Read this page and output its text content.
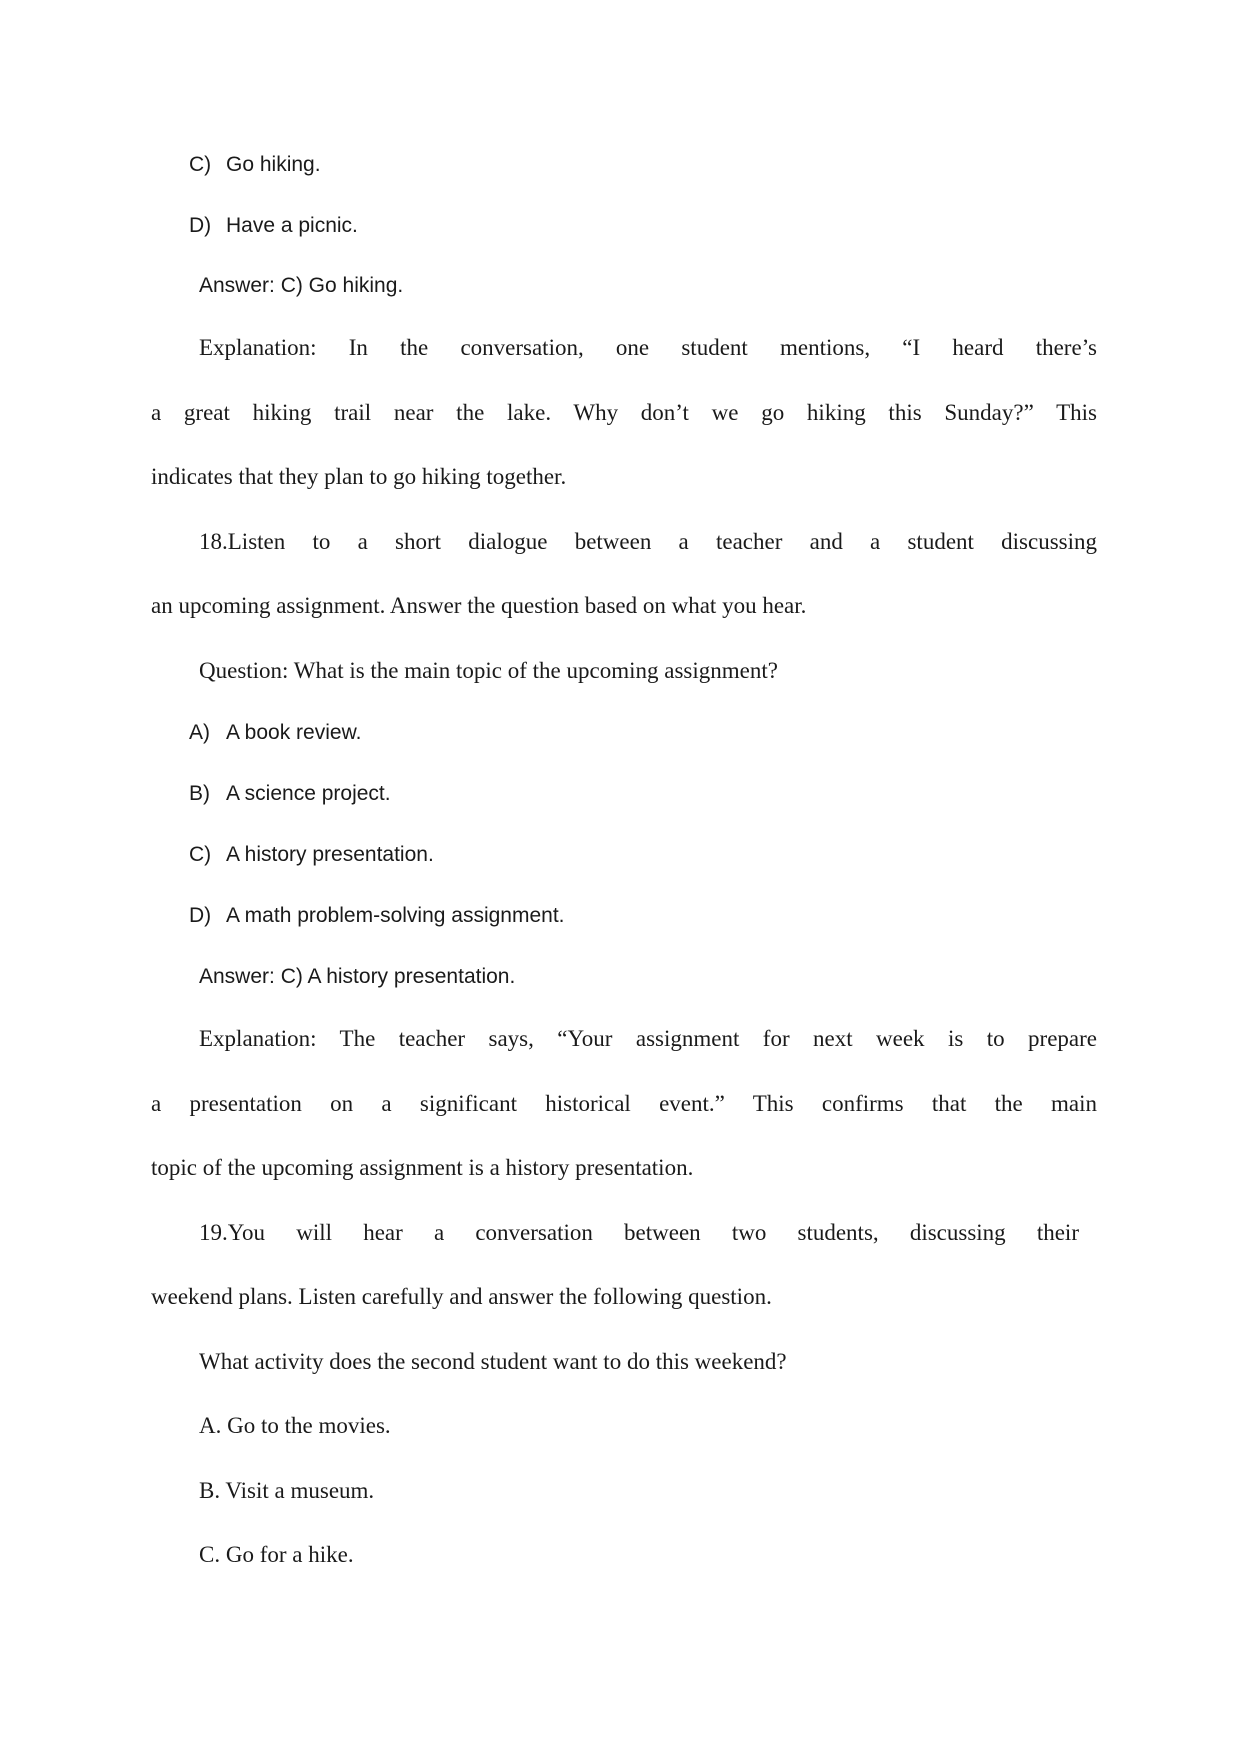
C) Go hiking.
D) Have a picnic.
Answer: C) Go hiking.
Explanation: In the conversation, one student mentions, “I heard there’s
a great hiking trail near the lake. Why don’t we go hiking this Sunday?” This
indicates that they plan to go hiking together.
18.Listen to a short dialogue between a teacher and a student discussing
an upcoming assignment. Answer the question based on what you hear.
Question: What is the main topic of the upcoming assignment?
A) A book review.
B) A science project.
C) A history presentation.
D) A math problem-solving assignment.
Answer: C) A history presentation.
Explanation: The teacher says, “Your assignment for next week is to prepare
a presentation on a significant historical event.” This confirms that the main
topic of the upcoming assignment is a history presentation.
19.You will hear a conversation between two students, discussing their
weekend plans. Listen carefully and answer the following question.
What activity does the second student want to do this weekend?
A. Go to the movies.
B. Visit a museum.
C. Go for a hike.
